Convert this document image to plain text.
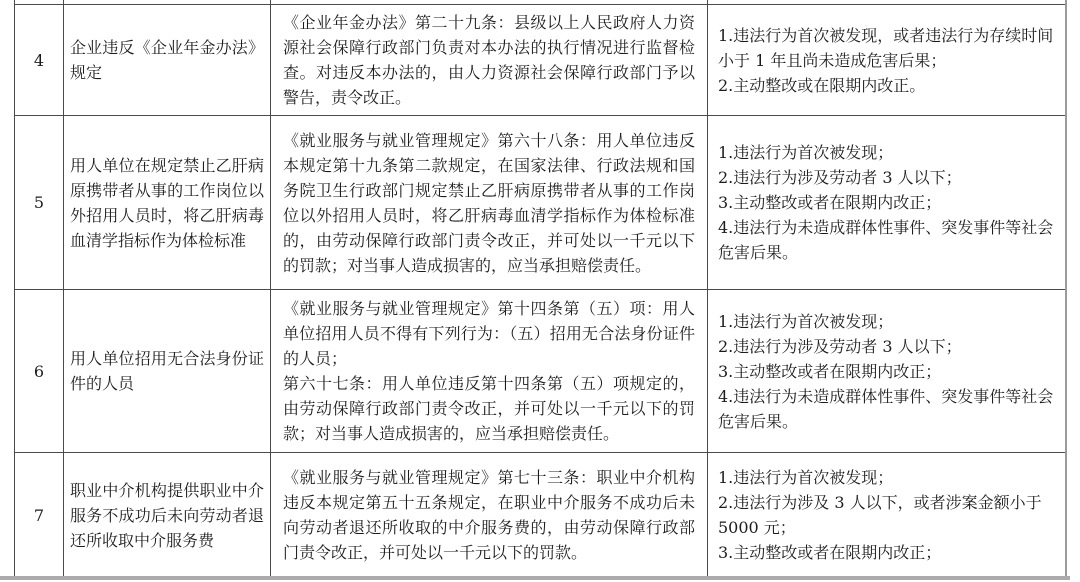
4
企业违反《企业年金办法》规定
《企业年金办法》第二十九条：县级以上人民政府人力资源社会保障行政部门负责对本办法的执行情况进行监督检查。对违反本办法的，由人力资源社会保障行政部门予以警告，责令改正。
1.违法行为首次被发现，或者违法行为存续时间小于 1 年且尚未造成危害后果；
2.主动整改或在限期内改正。
5
用人单位在规定禁止乙肝病原携带者从事的工作岗位以外招用人员时，将乙肝病毒血清学指标作为体检标准
《就业服务与就业管理规定》第六十八条：用人单位违反本规定第十九条第二款规定，在国家法律、行政法规和国务院卫生行政部门规定禁止乙肝病原携带者从事的工作岗位以外招用人员时，将乙肝病毒血清学指标作为体检标准的，由劳动保障行政部门责令改正，并可处以一千元以下的罚款；对当事人造成损害的，应当承担赔偿责任。
1.违法行为首次被发现；
2.违法行为涉及劳动者 3 人以下；
3.主动整改或者在限期内改正；
4.违法行为未造成群体性事件、突发事件等社会危害后果。
6
用人单位招用无合法身份证件的人员
《就业服务与就业管理规定》第十四条第（五）项：用人单位招用人员不得有下列行为：（五）招用无合法身份证件的人员；
第六十七条：用人单位违反第十四条第（五）项规定的，由劳动保障行政部门责令改正，并可处以一千元以下的罚款；对当事人造成损害的，应当承担赔偿责任。
1.违法行为首次被发现；
2.违法行为涉及劳动者 3 人以下；
3.主动整改或者在限期内改正；
4.违法行为未造成群体性事件、突发事件等社会危害后果。
7
职业中介机构提供职业中介服务不成功后未向劳动者退还所收取中介服务费
《就业服务与就业管理规定》第七十三条：职业中介机构违反本规定第五十五条规定，在职业中介服务不成功后未向劳动者退还所收取的中介服务费的，由劳动保障行政部门责令改正，并可处以一千元以下的罚款。
1.违法行为首次被发现；
2.违法行为涉及 3 人以下，或者涉案金额小于 5000 元；
3.主动整改或者在限期内改正；
